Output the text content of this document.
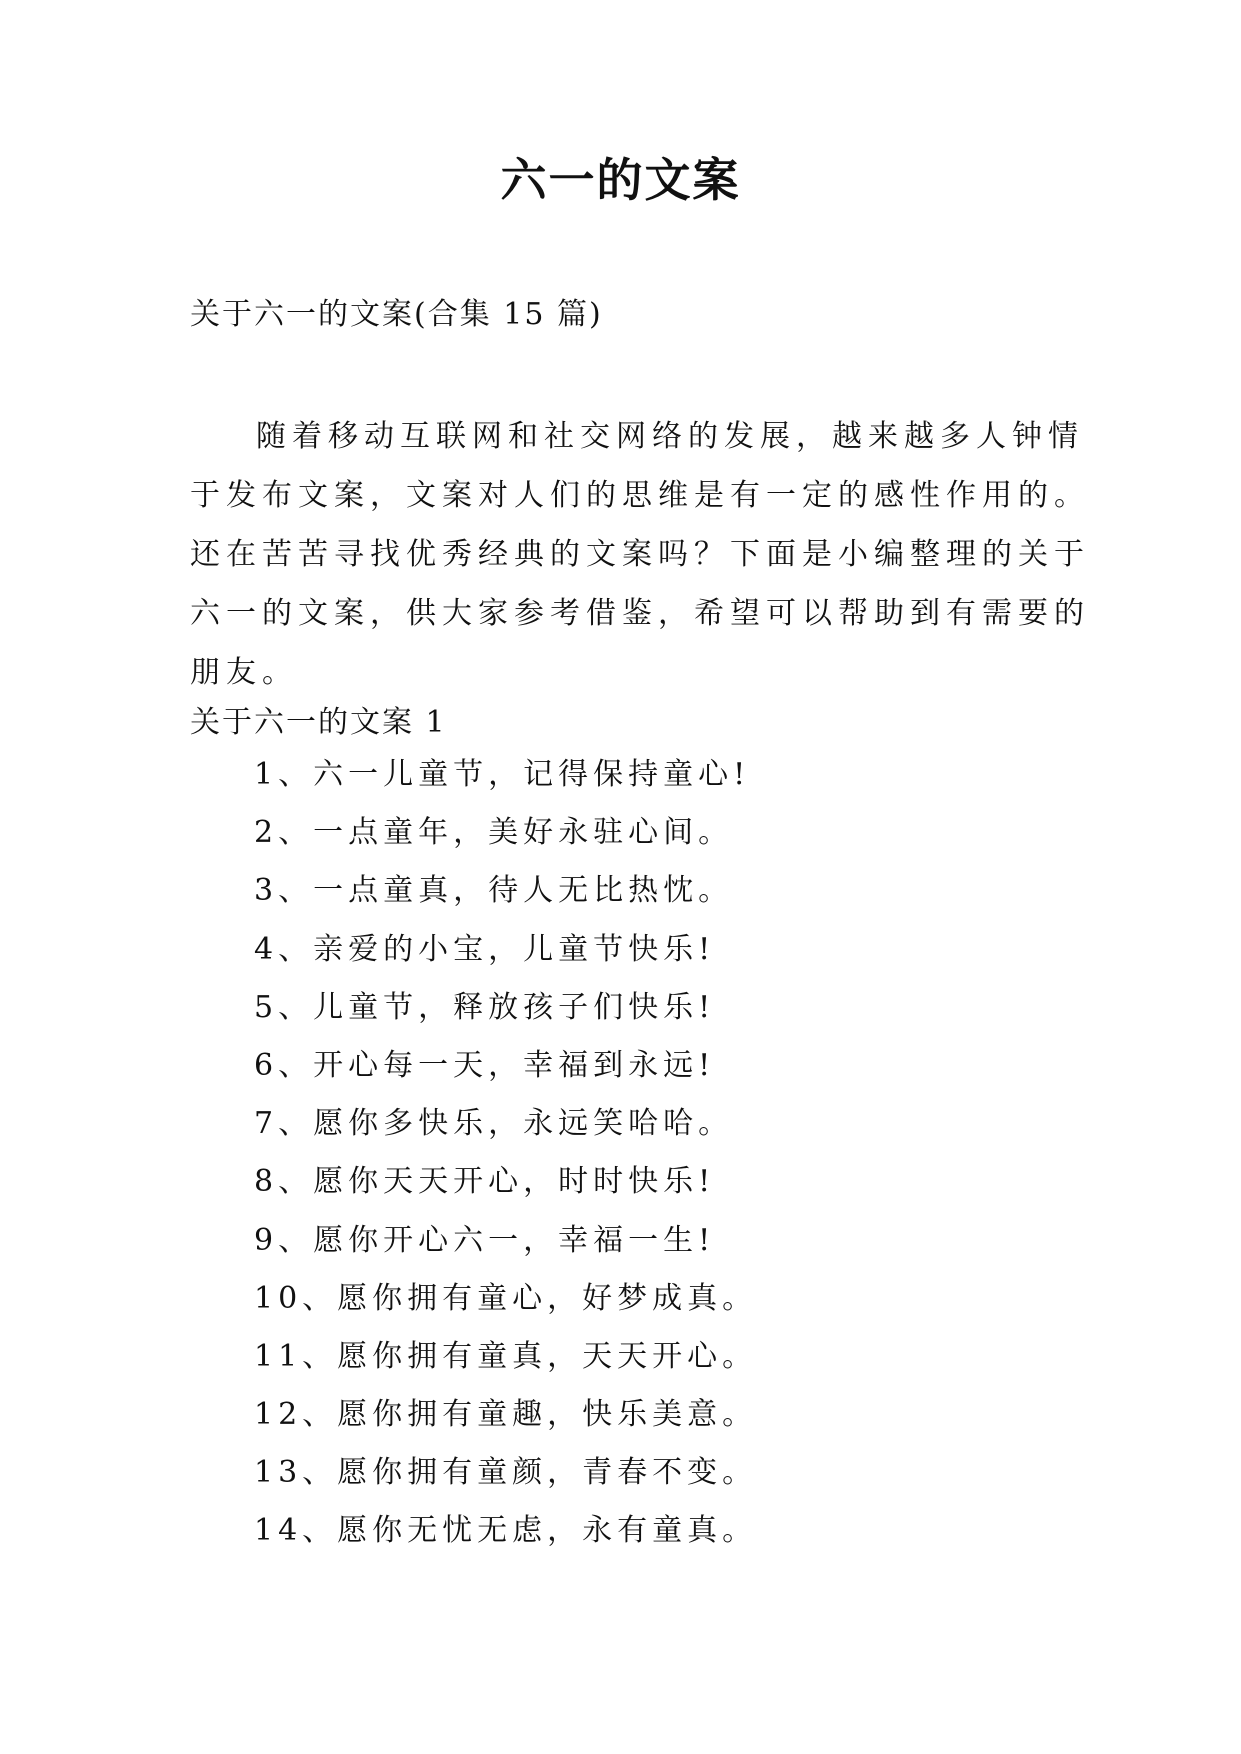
六一的文案

关于六一的文案(合集 15 篇)

随着移动互联网和社交网络的发展，越来越多人钟情于发布文案，文案对人们的思维是有一定的感性作用的。还在苦苦寻找优秀经典的文案吗？下面是小编整理的关于六一的文案，供大家参考借鉴，希望可以帮助到有需要的朋友。

关于六一的文案 1

1、六一儿童节，记得保持童心!
2、一点童年，美好永驻心间。
3、一点童真，待人无比热忱。
4、亲爱的小宝，儿童节快乐!
5、儿童节，释放孩子们快乐!
6、开心每一天，幸福到永远!
7、愿你多快乐，永远笑哈哈。
8、愿你天天开心，时时快乐!
9、愿你开心六一，幸福一生!
10、愿你拥有童心，好梦成真。
11、愿你拥有童真，天天开心。
12、愿你拥有童趣，快乐美意。
13、愿你拥有童颜，青春不变。
14、愿你无忧无虑，永有童真。
